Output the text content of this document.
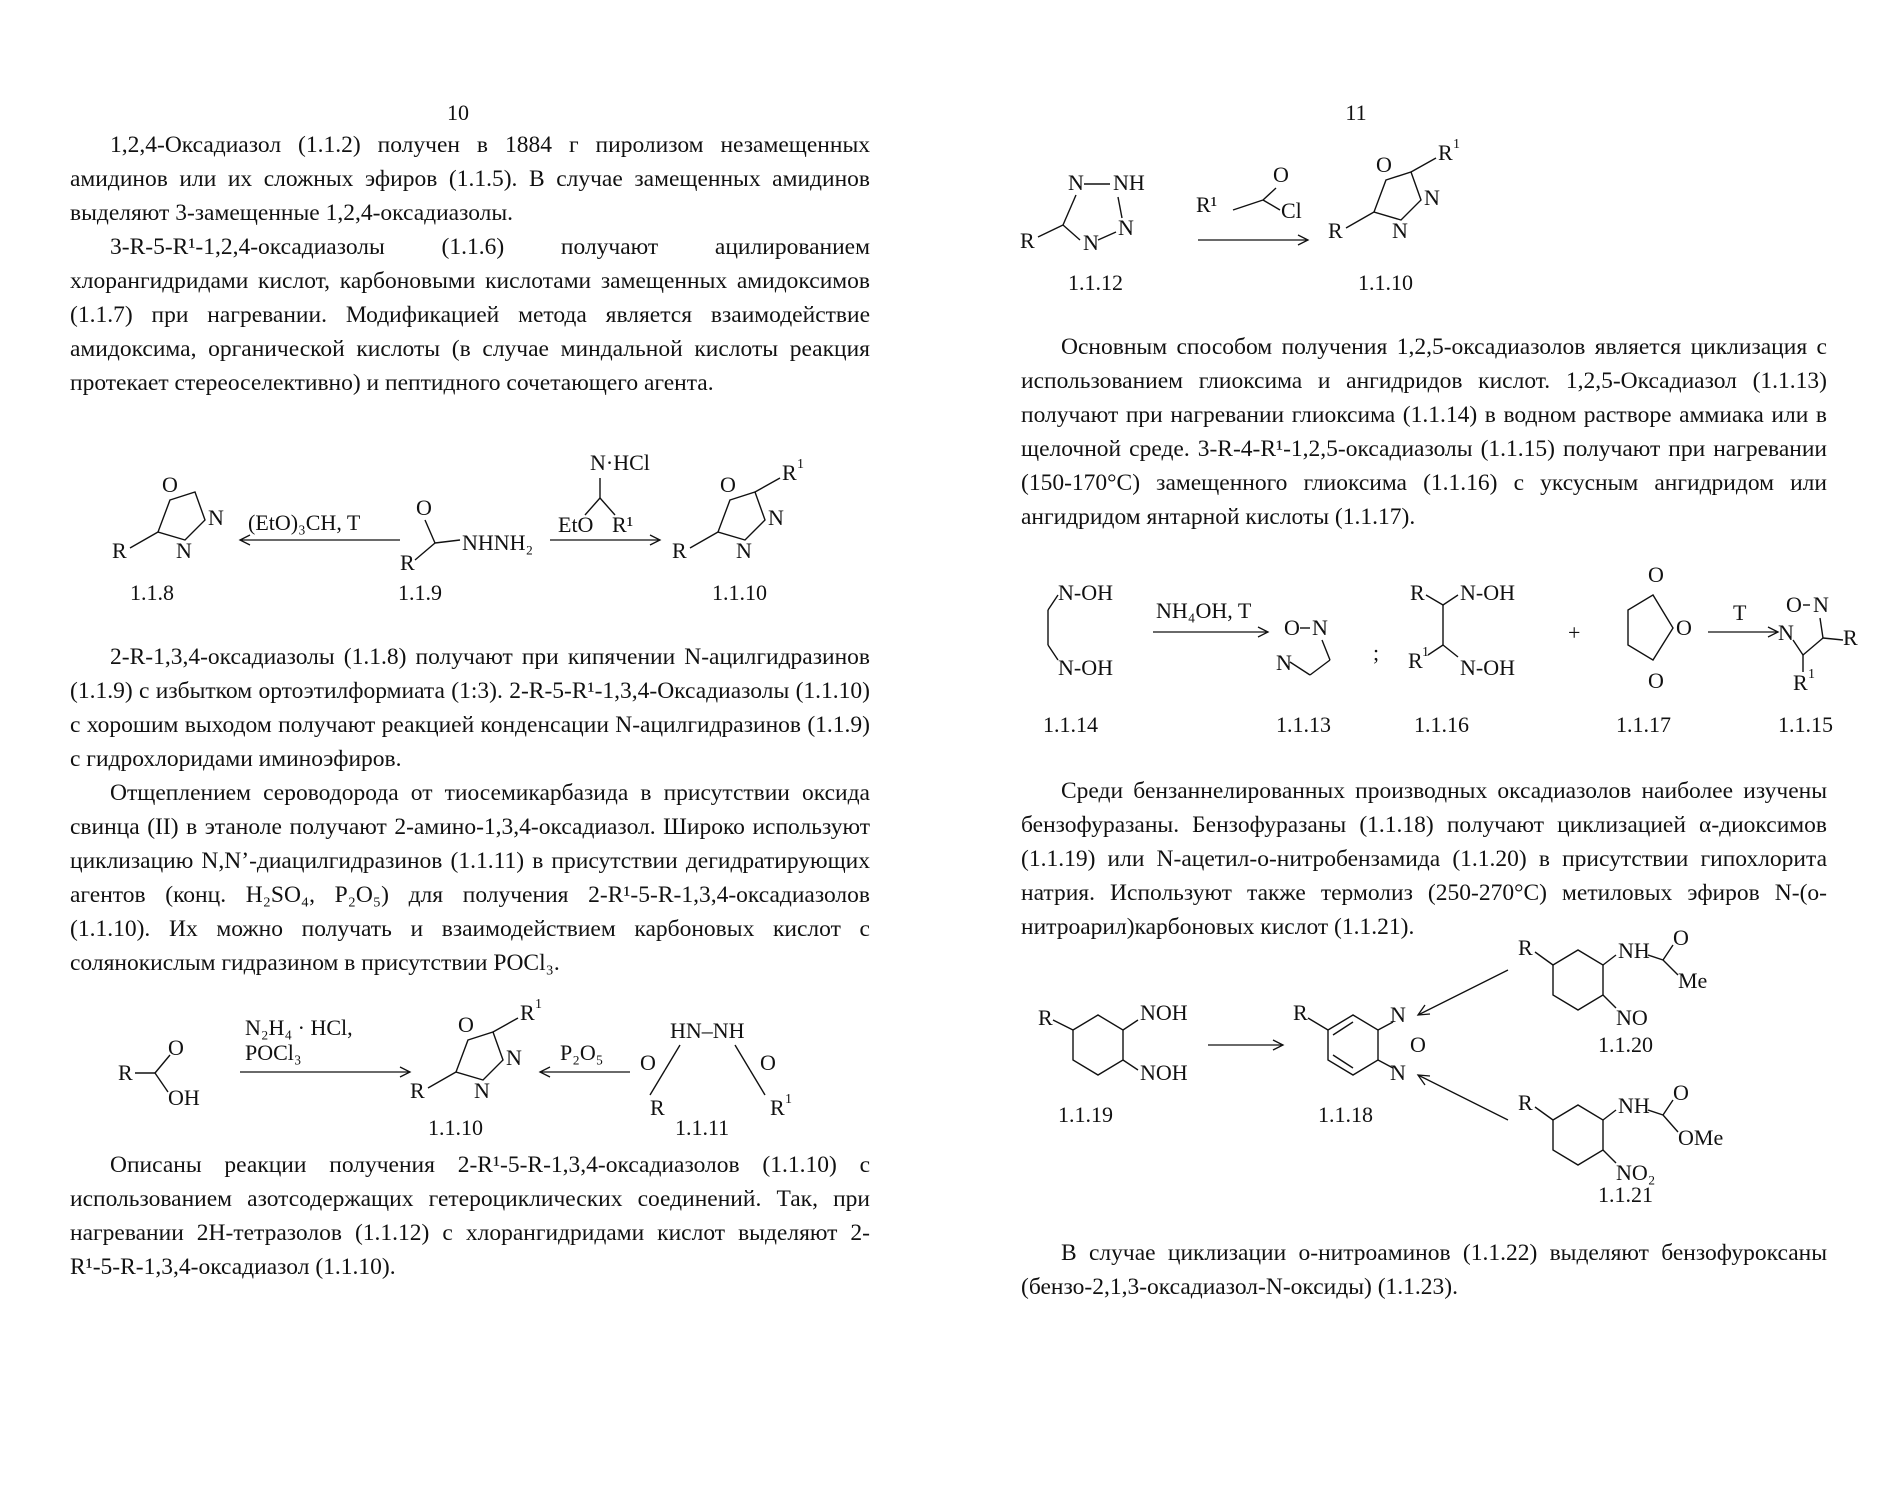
10

1,2,4-Оксадиазол (1.1.2) получен в 1884 г пиролизом незамещенных амидинов или их сложных эфиров (1.1.5). В случае замещенных амидинов выделяют 3-замещенные 1,2,4-оксадиазолы.

3-R-5-R¹-1,2,4-оксадиазолы (1.1.6) получают ацилированием хлорангидридами кислот, карбоновыми кислотами замещенных амидоксимов (1.1.7) при нагревании. Модификацией метода является взаимодействие амидоксима, органической кислоты (в случае миндальной кислоты реакция протекает стереоселективно) и пептидного сочетающего агента.

O
N
N
R
(EtO)₃CH, T
O
R
NHNH₂
N·HCl
EtO R¹
O
N
N
R 1
R
1.1.8	1.1.9	1.1.10

2-R-1,3,4-оксадиазолы (1.1.8) получают при кипячении N-ацилгидразинов (1.1.9) с избытком ортоэтилформиата (1:3). 2-R-5-R¹-1,3,4-Оксадиазолы (1.1.10) с хорошим выходом получают реакцией конденсации N-ацилгидразинов (1.1.9) с гидрохлоридами иминоэфиров.

Отщеплением сероводорода от тиосемикарбазида в присутствии оксида свинца (II) в этаноле получают 2-амино-1,3,4-оксадиазол. Широко используют циклизацию N,N’-диацилгидразинов (1.1.11) в присутствии дегидратирующих агентов (конц. H₂SO₄, P₂O₅) для получения 2-R¹-5-R-1,3,4-оксадиазолов (1.1.10). Их можно получать и взаимодействием карбоновых кислот с солянокислым гидразином в присутствии POCl₃.

R
O
OH
N₂H₄ · HCl,
POCl₃
O
N
N
R 1
R
P₂O₅
HN–NH
O	O
R	R 1
1.1.10	1.1.11

Описаны реакции получения 2-R¹-5-R-1,3,4-оксадиазолов (1.1.10) с использованием азотсодержащих гетероциклических соединений. Так, при нагревании 2H-тетразолов (1.1.12) с хлорангидридами кислот выделяют 2-R¹-5-R-1,3,4-оксадиазол (1.1.10).

11
N NH
N
N
R
R¹
O
Cl
O
N
N
R 1
R
1.1.12	1.1.10

Основным способом получения 1,2,5-оксадиазолов является циклизация с использованием глиоксима и ангидридов кислот. 1,2,5-Оксадиазол (1.1.13) получают при нагревании глиоксима (1.1.14) в водном растворе аммиака или в щелочной среде. 3-R-4-R¹-1,2,5-оксадиазолы (1.1.15) получают при нагревании (150-170°C) замещенного глиоксима (1.1.16) с уксусным ангидридом или ангидридом янтарной кислоты (1.1.17).

N-OH
N-OH
NH₄OH, T
O N
N	;
R N-OH
R 1
N-OH
+
O
O
O
T O N
N R
R 1
1.1.14	1.1.13	1.1.16	1.1.17	1.1.15

Среди бензаннелированных производных оксадиазолов наиболее изучены бензофуразаны. Бензофуразаны (1.1.18) получают циклизацией α-диоксимов (1.1.19) или N-ацетил-о-нитробензамида (1.1.20) в присутствии гипохлорита натрия. Используют также термолиз (250-270°C) метиловых эфиров N-(о-нитроарил)карбоновых кислот (1.1.21).

R	NOH
NOH
R	N
O
N
R	NH
O
Me
NO
1.1.20
R	NH
O
OMe
NO₂
1.1.21
1.1.19	1.1.18

В случае циклизации о-нитроаминов (1.1.22) выделяют бензофуроксаны (бензо-2,1,3-оксадиазол-N-оксиды) (1.1.23).
